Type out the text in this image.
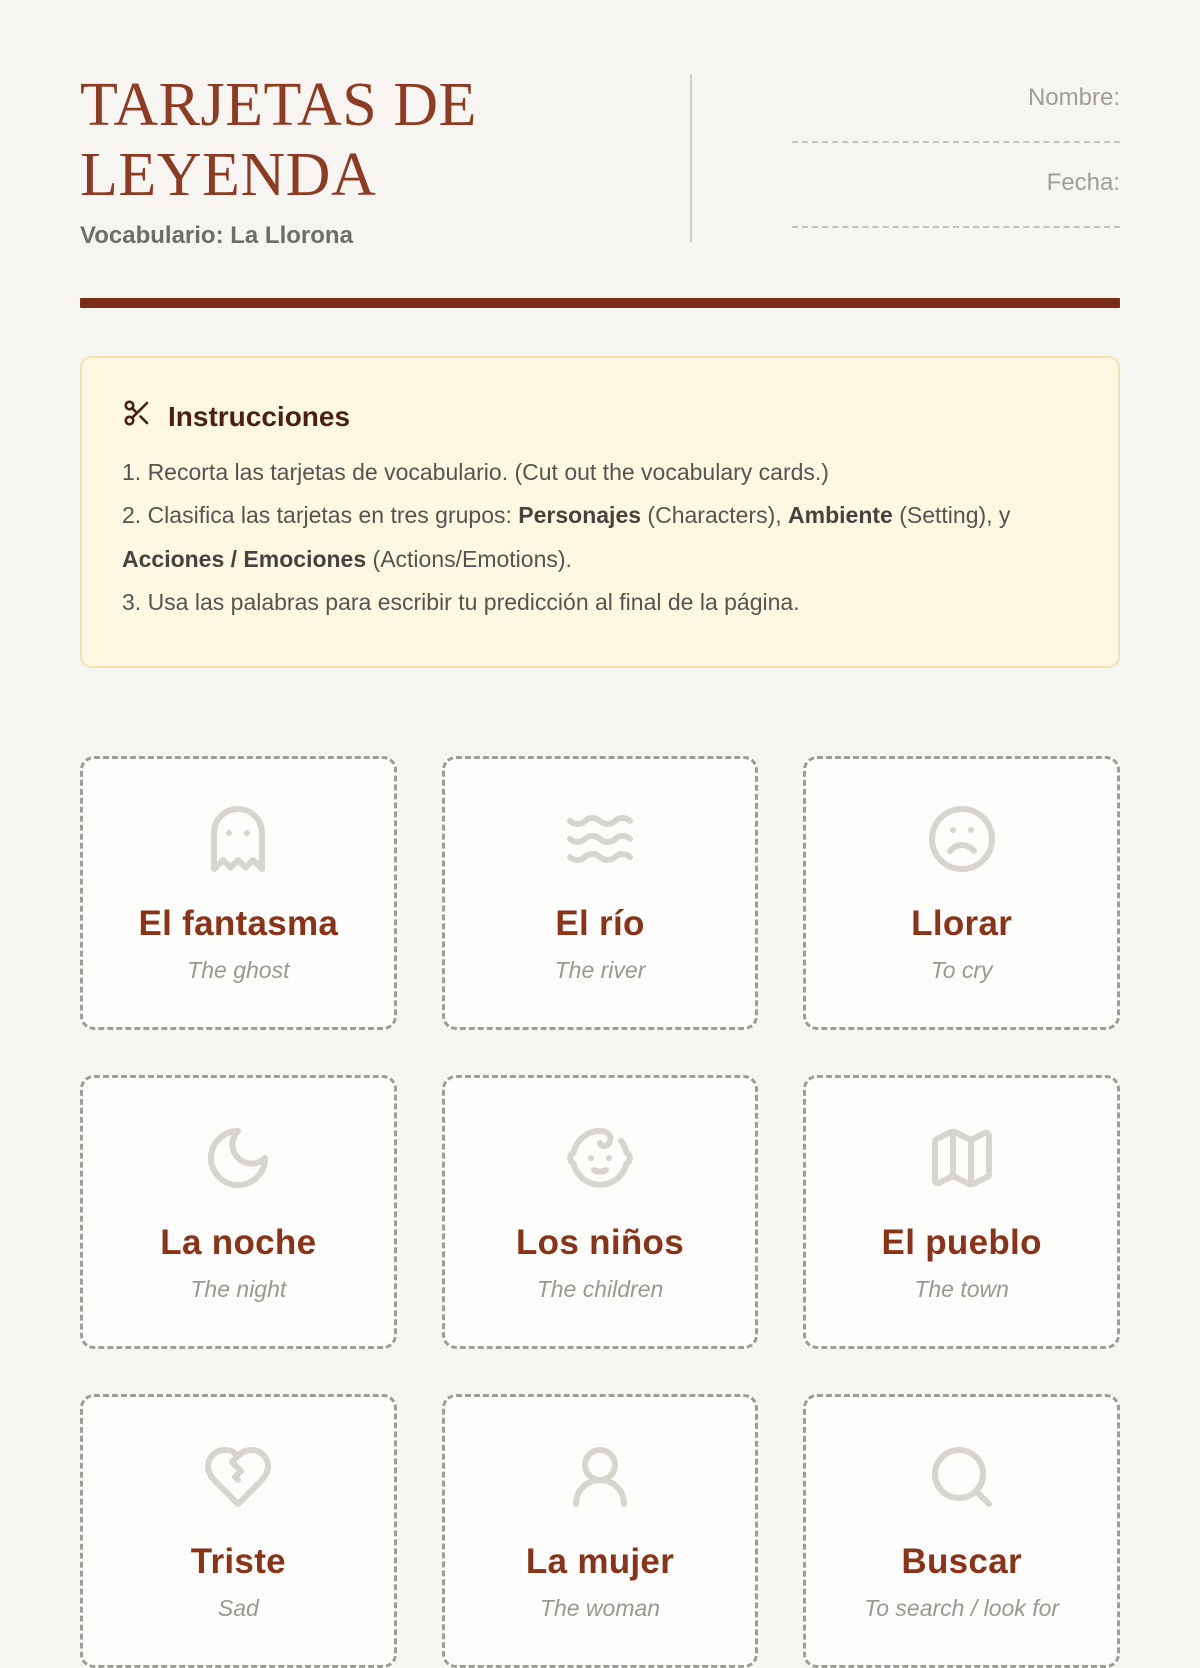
TARJETAS DE
LEYENDA
Vocabulario: La Llorona
Nombre:
Fecha:
Instrucciones

1. Recorta las tarjetas de vocabulario. (Cut out the vocabulary cards.)

2. Clasifica las tarjetas en tres grupos: Personajes (Characters), Ambiente (Setting), y Acciones / Emociones (Actions/Emotions).

3. Usa las palabras para escribir tu predicción al final de la página.

El fantasma
The ghost
El río
The river
Llorar
To cry
La noche
The night
Los niños
The children
El pueblo
The town
Triste
Sad
La mujer
The woman
Buscar
To search / look for
